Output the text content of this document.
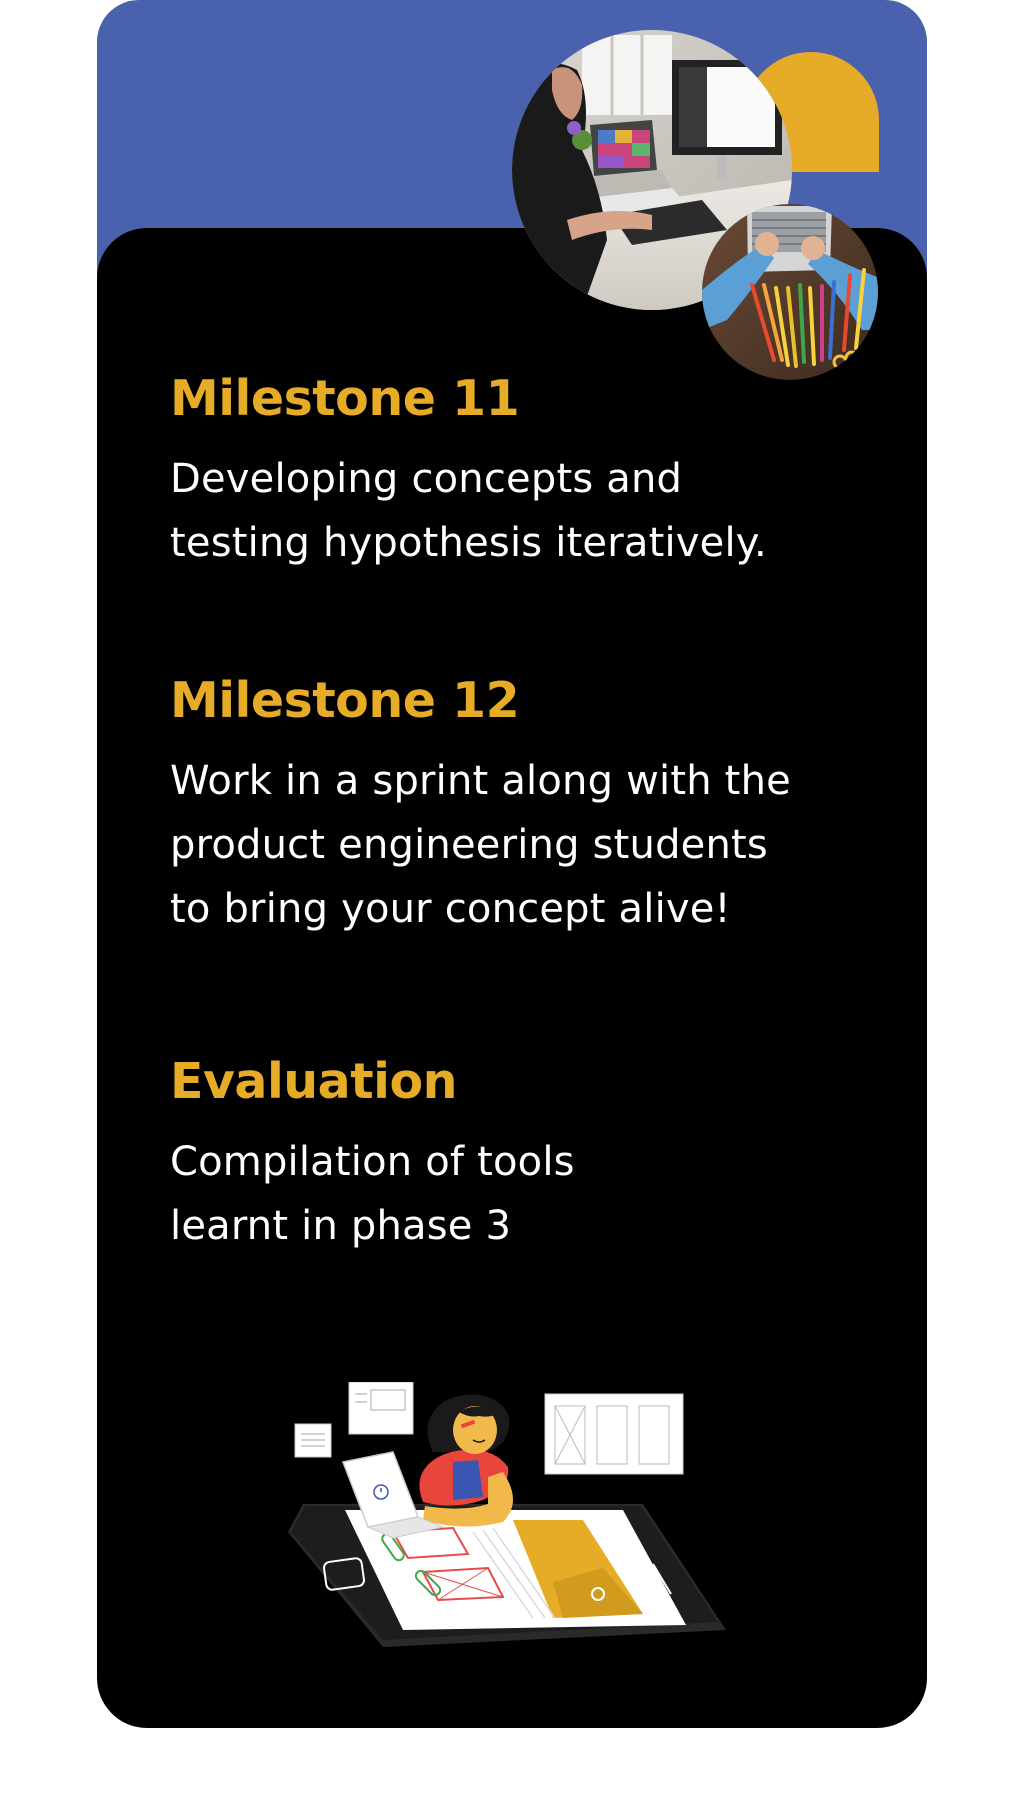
Milestone 11

Developing concepts and
testing hypothesis iteratively.

Milestone 12

Work in a sprint along with the
product engineering students
to bring your concept alive!

Evaluation

Compilation of tools
learnt in phase 3
